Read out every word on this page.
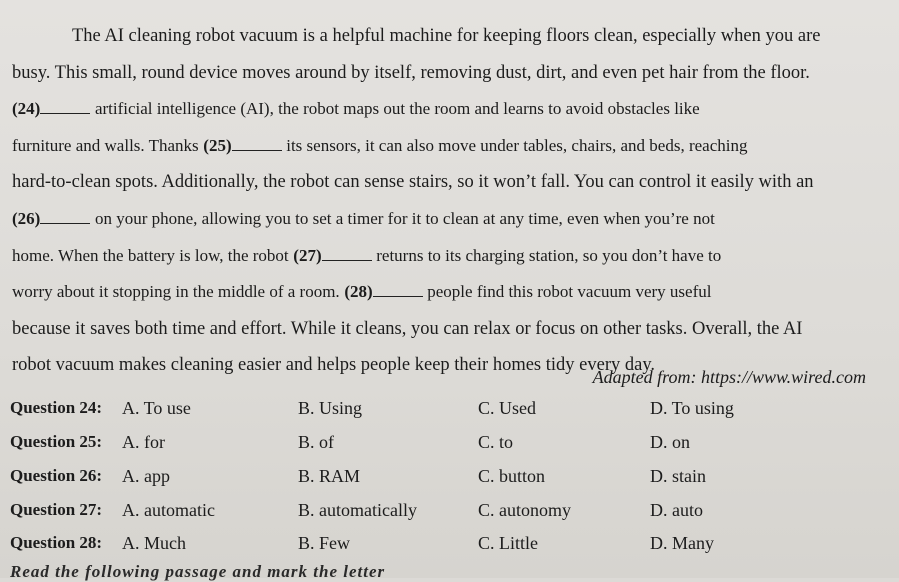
The AI cleaning robot vacuum is a helpful machine for keeping floors clean, especially when you are
busy. This small, round device moves around by itself, removing dust, dirt, and even pet hair from the floor.
(24)	artificial intelligence (AI), the robot maps out the room and learns to avoid obstacles like
furniture and walls. Thanks (25)	its sensors, it can also move under tables, chairs, and beds, reaching
hard-to-clean spots. Additionally, the robot can sense stairs, so it won’t fall. You can control it easily with an
(26)	on your phone, allowing you to set a timer for it to clean at any time, even when you’re not
home. When the battery is low, the robot (27)	returns to its charging station, so you don’t have to
worry about it stopping in the middle of a room. (28)	people find this robot vacuum very useful
because it saves both time and effort. While it cleans, you can relax or focus on other tasks. Overall, the AI
robot vacuum makes cleaning easier and helps people keep their homes tidy every day.
Adapted from: https://www.wired.com
Question 24: A. To use	B. Using	C. Used	D. To using
Question 25: A. for	B. of	C. to	D. on
Question 26: A. app	B. RAM	C. button	D. stain
Question 27: A. automatic	B. automatically	C. autonomy	D. auto
Question 28: A. Much	B. Few	C. Little	D. Many
Read the following passage and mark the letter
